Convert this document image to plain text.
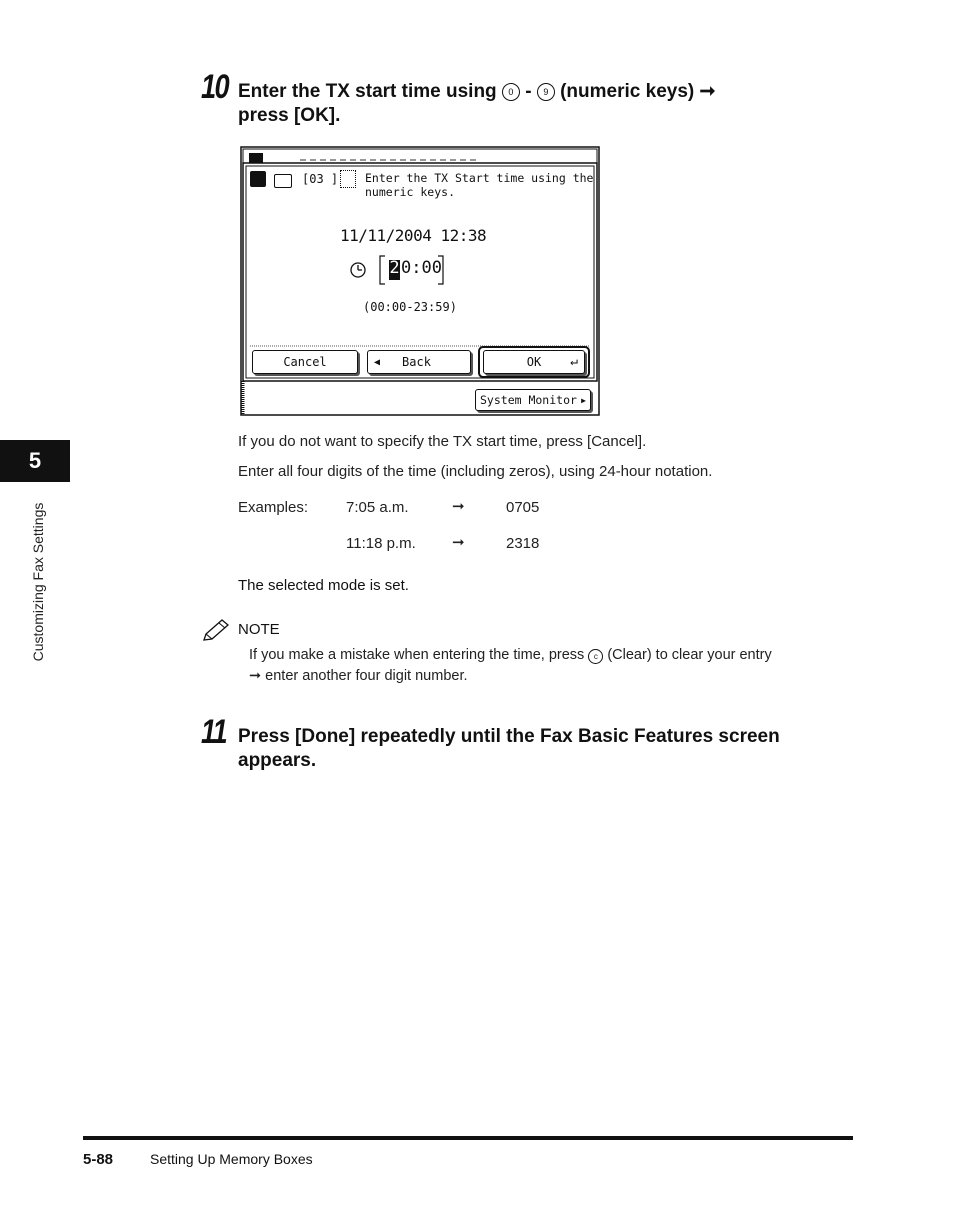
5
Customizing Fax Settings
10 Enter the TX start time using 0 - 9 (numeric keys) ➞
press [OK].
[03 ] Enter the TX Start time using the
numeric keys.
11/11/2004 12:38
2 0:00
(00:00-23:59)
Cancel	◀ Back	OK ↵
System Monitor ▶
If you do not want to specify the TX start time, press [Cancel].
Enter all four digits of the time (including zeros), using 24-hour notation.
Examples:	7:05 a.m.	➞	0705
11:18 p.m. ➞	2318
The selected mode is set.
NOTE
If you make a mistake when entering the time, press c (Clear) to clear your entry
➞ enter another four digit number.
11 Press [Done] repeatedly until the Fax Basic Features screen
appears.
5-88	Setting Up Memory Boxes
